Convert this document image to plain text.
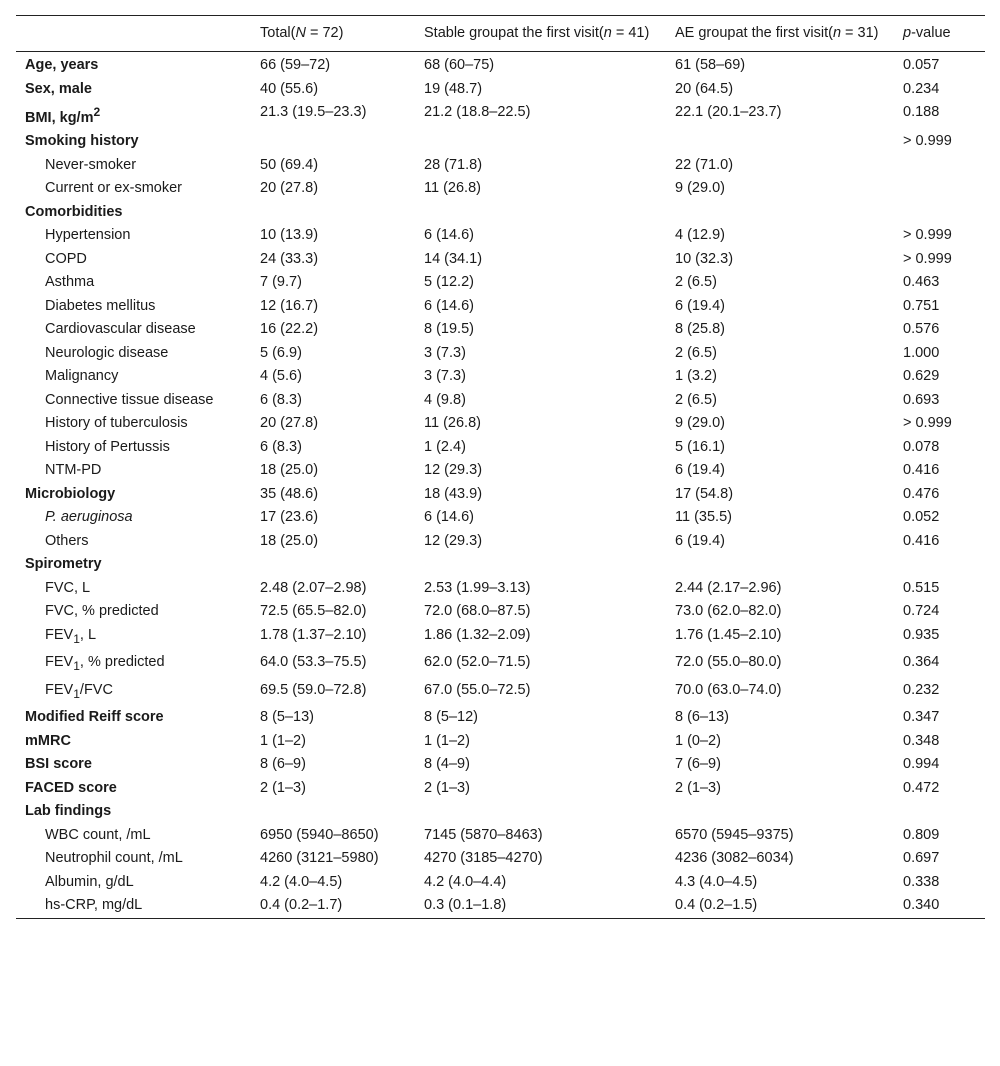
	Total(N = 72)	Stable groupat the first visit(n = 41)	AE groupat the first visit(n = 31)	p-value
Age, years	66 (59–72)	68 (60–75)	61 (58–69)	0.057
Sex, male	40 (55.6)	19 (48.7)	20 (64.5)	0.234
BMI, $kg/m^2$	21.3 (19.5–23.3)	21.2 (18.8–22.5)	22.1 (20.1–23.7)	0.188
Smoking history				> 0.999
Never-smoker	50 (69.4)	28 (71.8)	22 (71.0)	
Current or ex-smoker	20 (27.8)	11 (26.8)	9 (29.0)	
Comorbidities				
Hypertension	10 (13.9)	6 (14.6)	4 (12.9)	> 0.999
COPD	24 (33.3)	14 (34.1)	10 (32.3)	> 0.999
Asthma	7 (9.7)	5 (12.2)	2 (6.5)	0.463
Diabetes mellitus	12 (16.7)	6 (14.6)	6 (19.4)	0.751
Cardiovascular disease	16 (22.2)	8 (19.5)	8 (25.8)	0.576
Neurologic disease	5 (6.9)	3 (7.3)	2 (6.5)	1.000
Malignancy	4 (5.6)	3 (7.3)	1 (3.2)	0.629
Connective tissue disease	6 (8.3)	4 (9.8)	2 (6.5)	0.693
History of tuberculosis	20 (27.8)	11 (26.8)	9 (29.0)	> 0.999
History of Pertussis	6 (8.3)	1 (2.4)	5 (16.1)	0.078
NTM-PD	18 (25.0)	12 (29.3)	6 (19.4)	0.416
Microbiology	35 (48.6)	18 (43.9)	17 (54.8)	0.476
P. aeruginosa	17 (23.6)	6 (14.6)	11 (35.5)	0.052
Others	18 (25.0)	12 (29.3)	6 (19.4)	0.416
Spirometry				
FVC, L	2.48 (2.07–2.98)	2.53 (1.99–3.13)	2.44 (2.17–2.96)	0.515
FVC, % predicted	72.5 (65.5–82.0)	72.0 (68.0–87.5)	73.0 (62.0–82.0)	0.724
$FEV_1$, L	1.78 (1.37–2.10)	1.86 (1.32–2.09)	1.76 (1.45–2.10)	0.935
$FEV_1$, % predicted	64.0 (53.3–75.5)	62.0 (52.0–71.5)	72.0 (55.0–80.0)	0.364
$FEV_1$/FVC	69.5 (59.0–72.8)	67.0 (55.0–72.5)	70.0 (63.0–74.0)	0.232
Modified Reiff score	8 (5–13)	8 (5–12)	8 (6–13)	0.347
mMRC	1 (1–2)	1 (1–2)	1 (0–2)	0.348
BSI score	8 (6–9)	8 (4–9)	7 (6–9)	0.994
FACED score	2 (1–3)	2 (1–3)	2 (1–3)	0.472
Lab findings				
WBC count, /mL	6950 (5940–8650)	7145 (5870–8463)	6570 (5945–9375)	0.809
Neutrophil count, /mL	4260 (3121–5980)	4270 (3185–4270)	4236 (3082–6034)	0.697
Albumin, g/dL	4.2 (4.0–4.5)	4.2 (4.0–4.4)	4.3 (4.0–4.5)	0.338
hs-CRP, mg/dL	0.4 (0.2–1.7)	0.3 (0.1–1.8)	0.4 (0.2–1.5)	0.340
